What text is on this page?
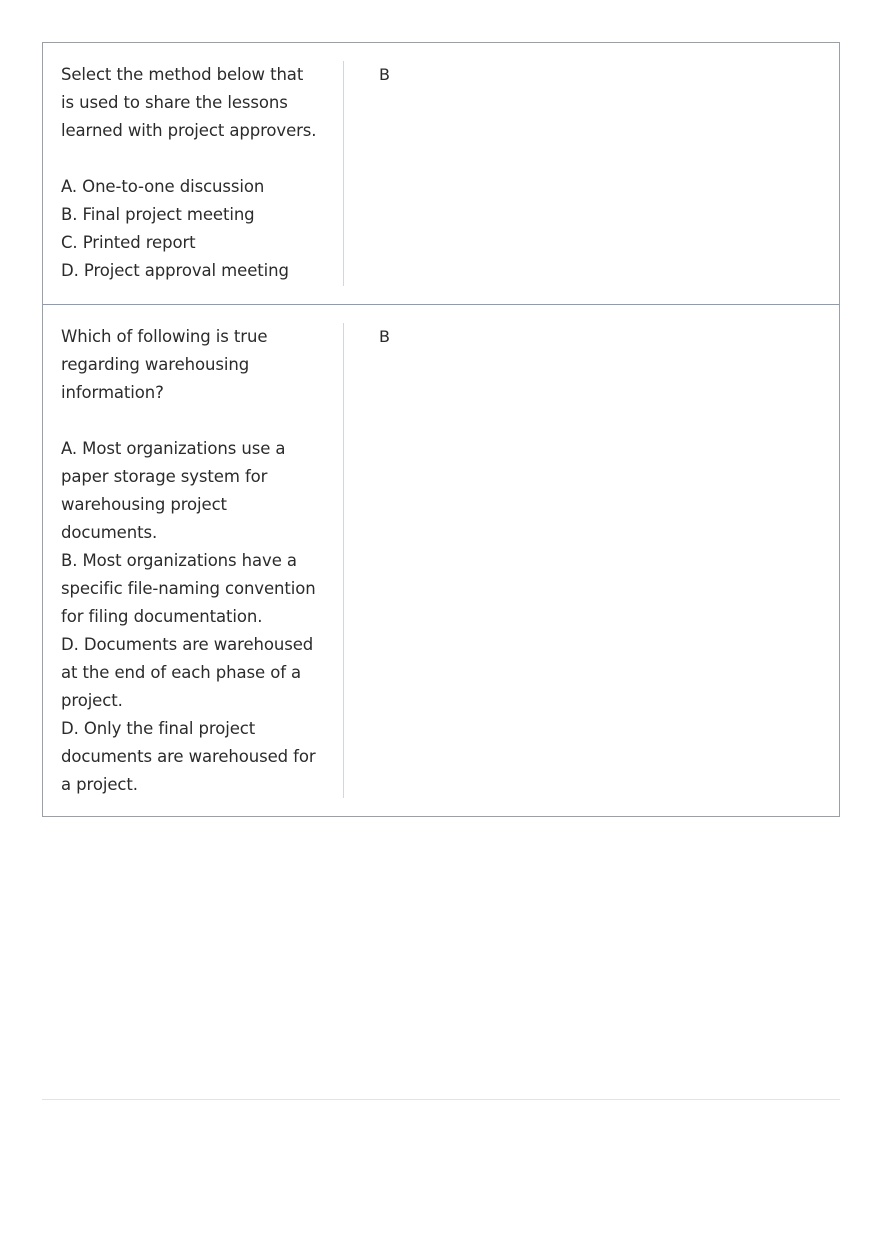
Select the method below that
is used to share the lessons
learned with project approvers.

A. One-to-one discussion

B. Final project meeting

C. Printed report

D. Project approval meeting

B

Which of following is true
regarding warehousing
information?

A. Most organizations use a
paper storage system for
warehousing project
documents.

B. Most organizations have a
specific file-naming convention
for filing documentation.

D. Documents are warehoused
at the end of each phase of a
project.

D. Only the final project
documents are warehoused for
a project.

B
